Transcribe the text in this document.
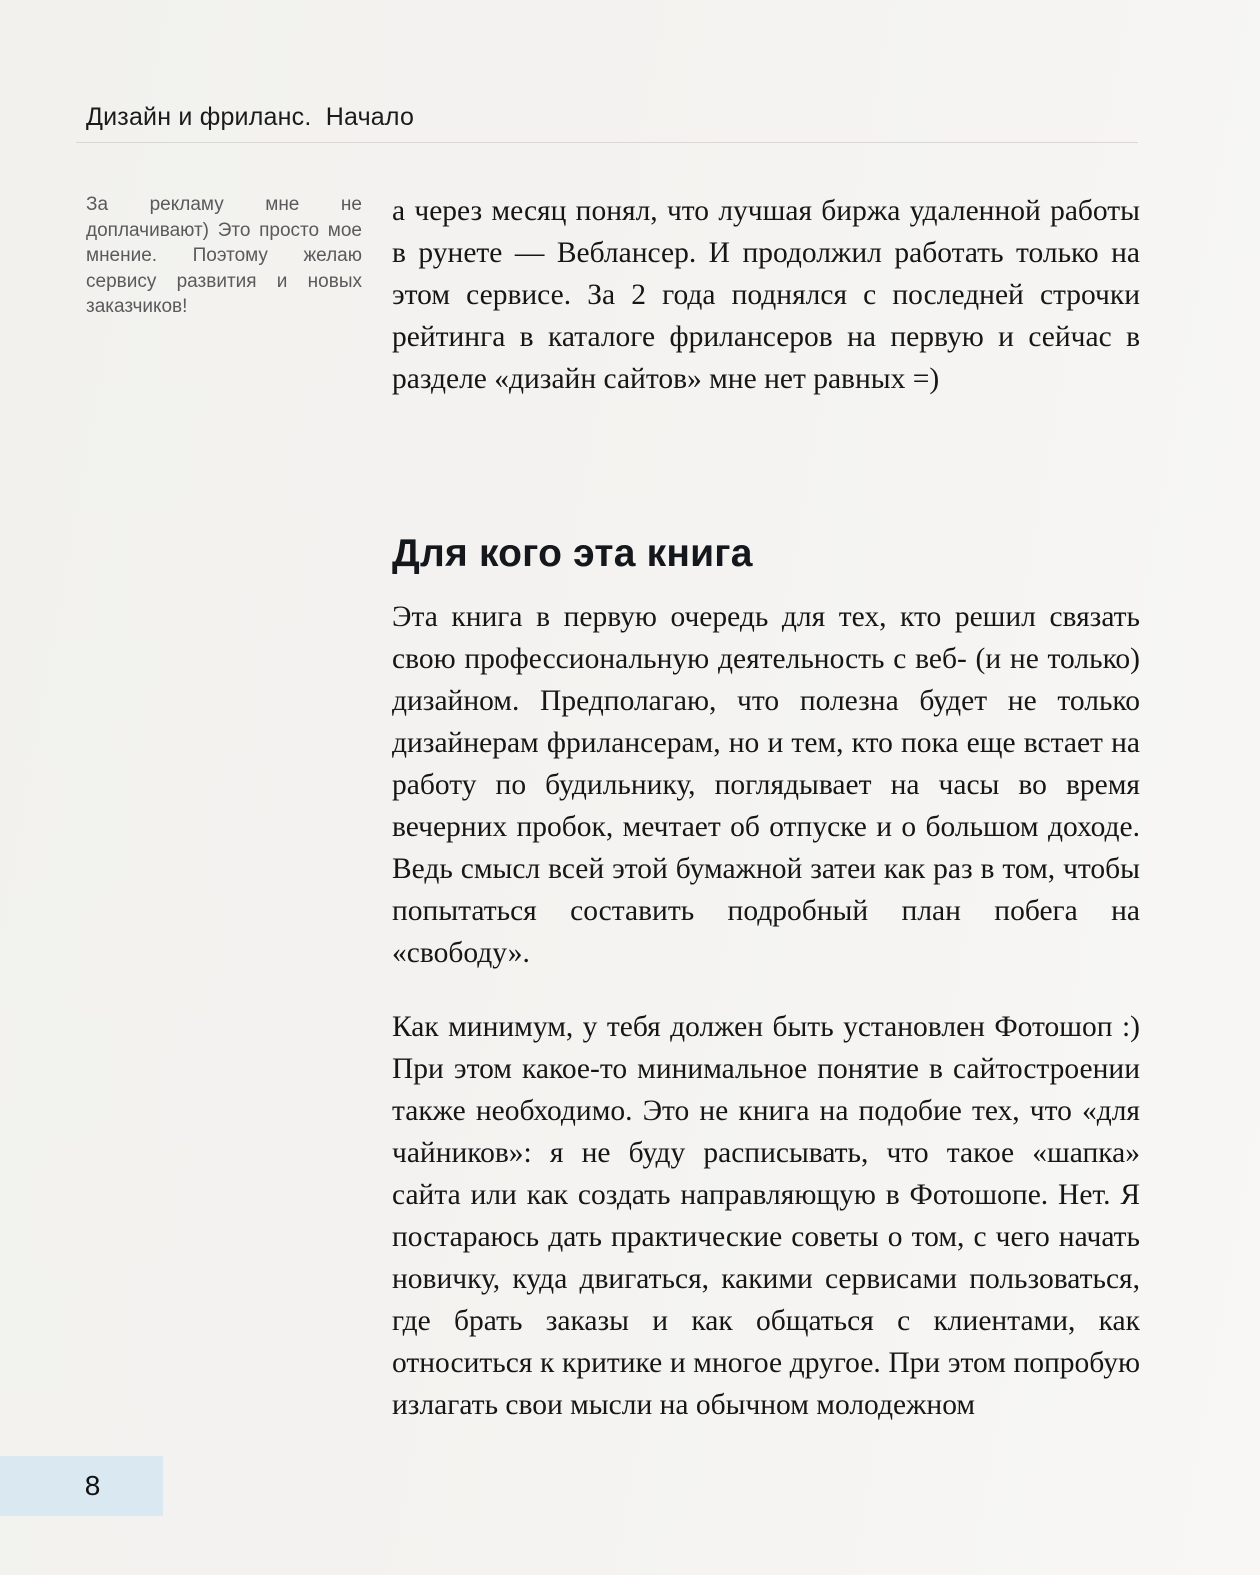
Дизайн и фриланс.  Начало
За рекламу мне не доплачивают) Это просто мое мнение. Поэтому желаю сервису развития и новых заказчиков!
а через месяц понял, что лучшая биржа удаленной работы в рунете — Веблансер. И продолжил работать только на этом сервисе. За 2 года поднялся с последней строчки рейтинга в каталоге фрилансеров на первую и сейчас в разделе «дизайн сайтов» мне нет равных =)
Для кого эта книга
Эта книга в первую очередь для тех, кто решил связать свою профессиональную деятельность с веб- (и не только) дизайном. Предполагаю, что полезна будет не только дизайнерам фрилансерам, но и тем, кто пока еще встает на работу по будильнику, поглядывает на часы во время вечерних пробок, мечтает об отпуске и о большом доходе. Ведь смысл всей этой бумажной затеи как раз в том, чтобы попытаться составить подробный план побега на «свободу».
Как минимум, у тебя должен быть установлен Фотошоп :) При этом какое-то минимальное понятие в сайтостроении также необходимо. Это не книга на подобие тех, что «для чайников»: я не буду расписывать, что такое «шапка» сайта или как создать направляющую в Фотошопе. Нет. Я постараюсь дать практические советы о том, с чего начать новичку, куда двигаться, какими сервисами пользоваться, где брать заказы и как общаться с клиентами, как относиться к критике и многое другое. При этом попробую излагать свои мысли на обычном молодежном
8
